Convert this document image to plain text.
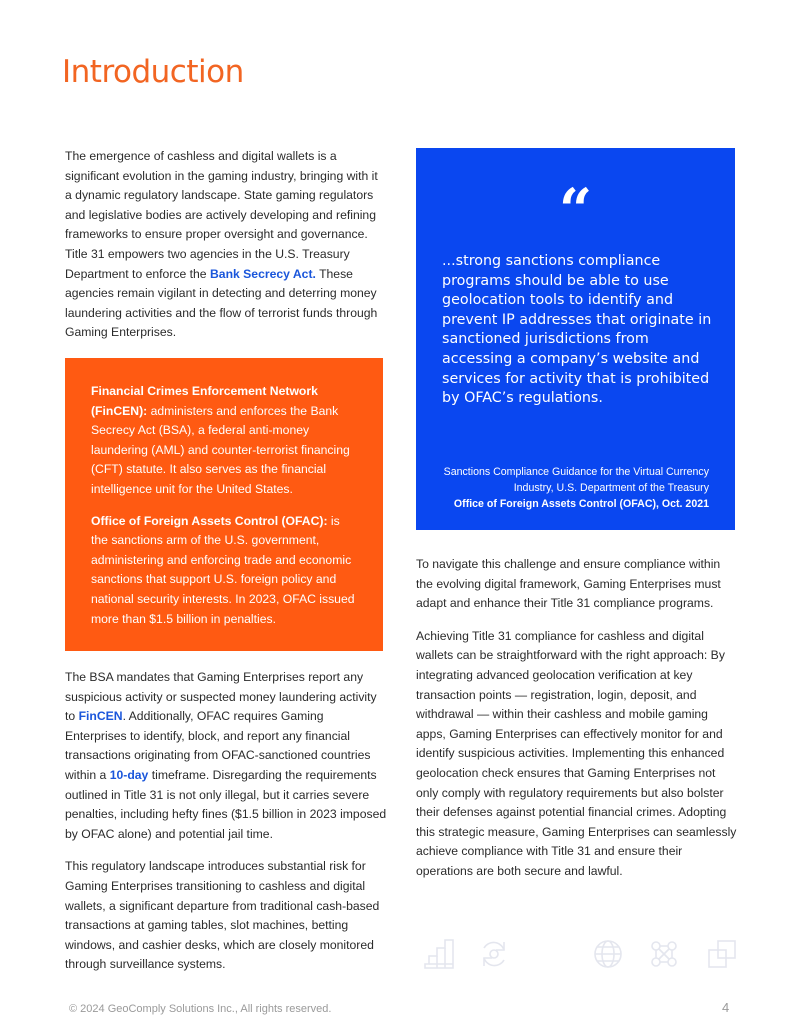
Introduction

The emergence of cashless and digital wallets is a significant evolution in the gaming industry, bringing with it a dynamic regulatory landscape. State gaming regulators and legislative bodies are actively developing and refining frameworks to ensure proper oversight and governance. Title 31 empowers two agencies in the U.S. Treasury Department to enforce the Bank Secrecy Act. These agencies remain vigilant in detecting and deterring money laundering activities and the flow of terrorist funds through Gaming Enterprises.

Financial Crimes Enforcement Network (FinCEN): administers and enforces the Bank Secrecy Act (BSA), a federal anti-money laundering (AML) and counter-terrorist financing (CFT) statute. It also serves as the financial intelligence unit for the United States.

Office of Foreign Assets Control (OFAC): is the sanctions arm of the U.S. government, administering and enforcing trade and economic sanctions that support U.S. foreign policy and national security interests. In 2023, OFAC issued more than $1.5 billion in penalties.

The BSA mandates that Gaming Enterprises report any suspicious activity or suspected money laundering activity to FinCEN. Additionally, OFAC requires Gaming Enterprises to identify, block, and report any financial transactions originating from OFAC-sanctioned countries within a 10-day timeframe. Disregarding the requirements outlined in Title 31 is not only illegal, but it carries severe penalties, including hefty fines ($1.5 billion in 2023 imposed by OFAC alone) and potential jail time.

This regulatory landscape introduces substantial risk for Gaming Enterprises transitioning to cashless and digital wallets, a significant departure from traditional cash-based transactions at gaming tables, slot machines, betting windows, and cashier desks, which are closely monitored through surveillance systems.

“
...strong sanctions compliance programs should be able to use geolocation tools to identify and prevent IP addresses that originate in sanctioned jurisdictions from accessing a company’s website and services for activity that is prohibited by OFAC’s regulations.
Sanctions Compliance Guidance for the Virtual Currency Industry, U.S. Department of the Treasury
Office of Foreign Assets Control (OFAC), Oct. 2021

To navigate this challenge and ensure compliance within the evolving digital framework, Gaming Enterprises must adapt and enhance their Title 31 compliance programs.

Achieving Title 31 compliance for cashless and digital wallets can be straightforward with the right approach: By integrating advanced geolocation verification at key transaction points — registration, login, deposit, and withdrawal — within their cashless and mobile gaming apps, Gaming Enterprises can effectively monitor for and identify suspicious activities. Implementing this enhanced geolocation check ensures that Gaming Enterprises not only comply with regulatory requirements but also bolster their defenses against potential financial crimes. Adopting this strategic measure, Gaming Enterprises can seamlessly achieve compliance with Title 31 and ensure their operations are both secure and lawful.

© 2024 GeoComply Solutions Inc., All rights reserved.	4
